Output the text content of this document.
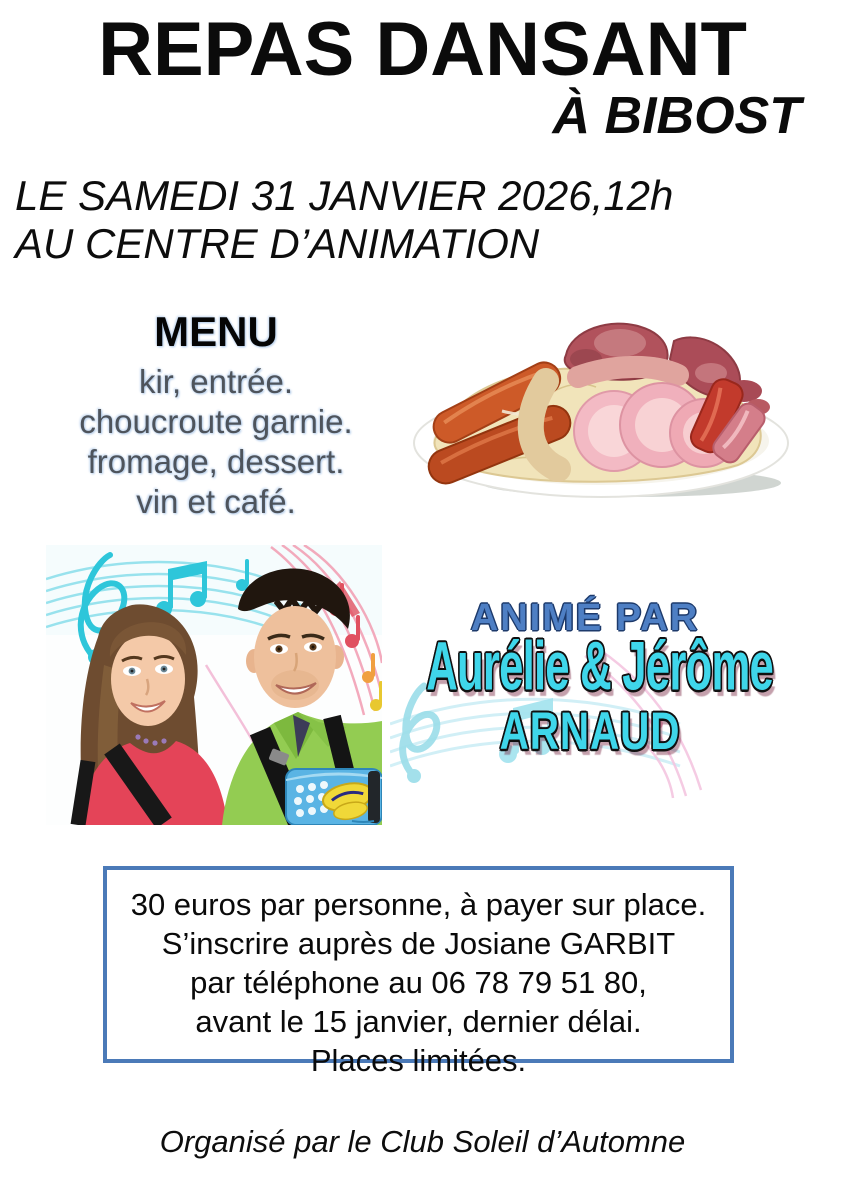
REPAS DANSANT
À BIBOST
LE SAMEDI 31 JANVIER 2026,12h
AU CENTRE D’ANIMATION
MENU
kir, entrée.
choucroute garnie.
fromage, dessert.
vin et café.
ANIMÉ PAR
Aurélie & Jérôme
ARNAUD
30 euros par personne, à payer sur place.
S’inscrire auprès de Josiane GARBIT
par téléphone au 06 78 79 51 80,
avant le 15 janvier, dernier délai.
Places limitées.
Organisé par le Club Soleil d’Automne
